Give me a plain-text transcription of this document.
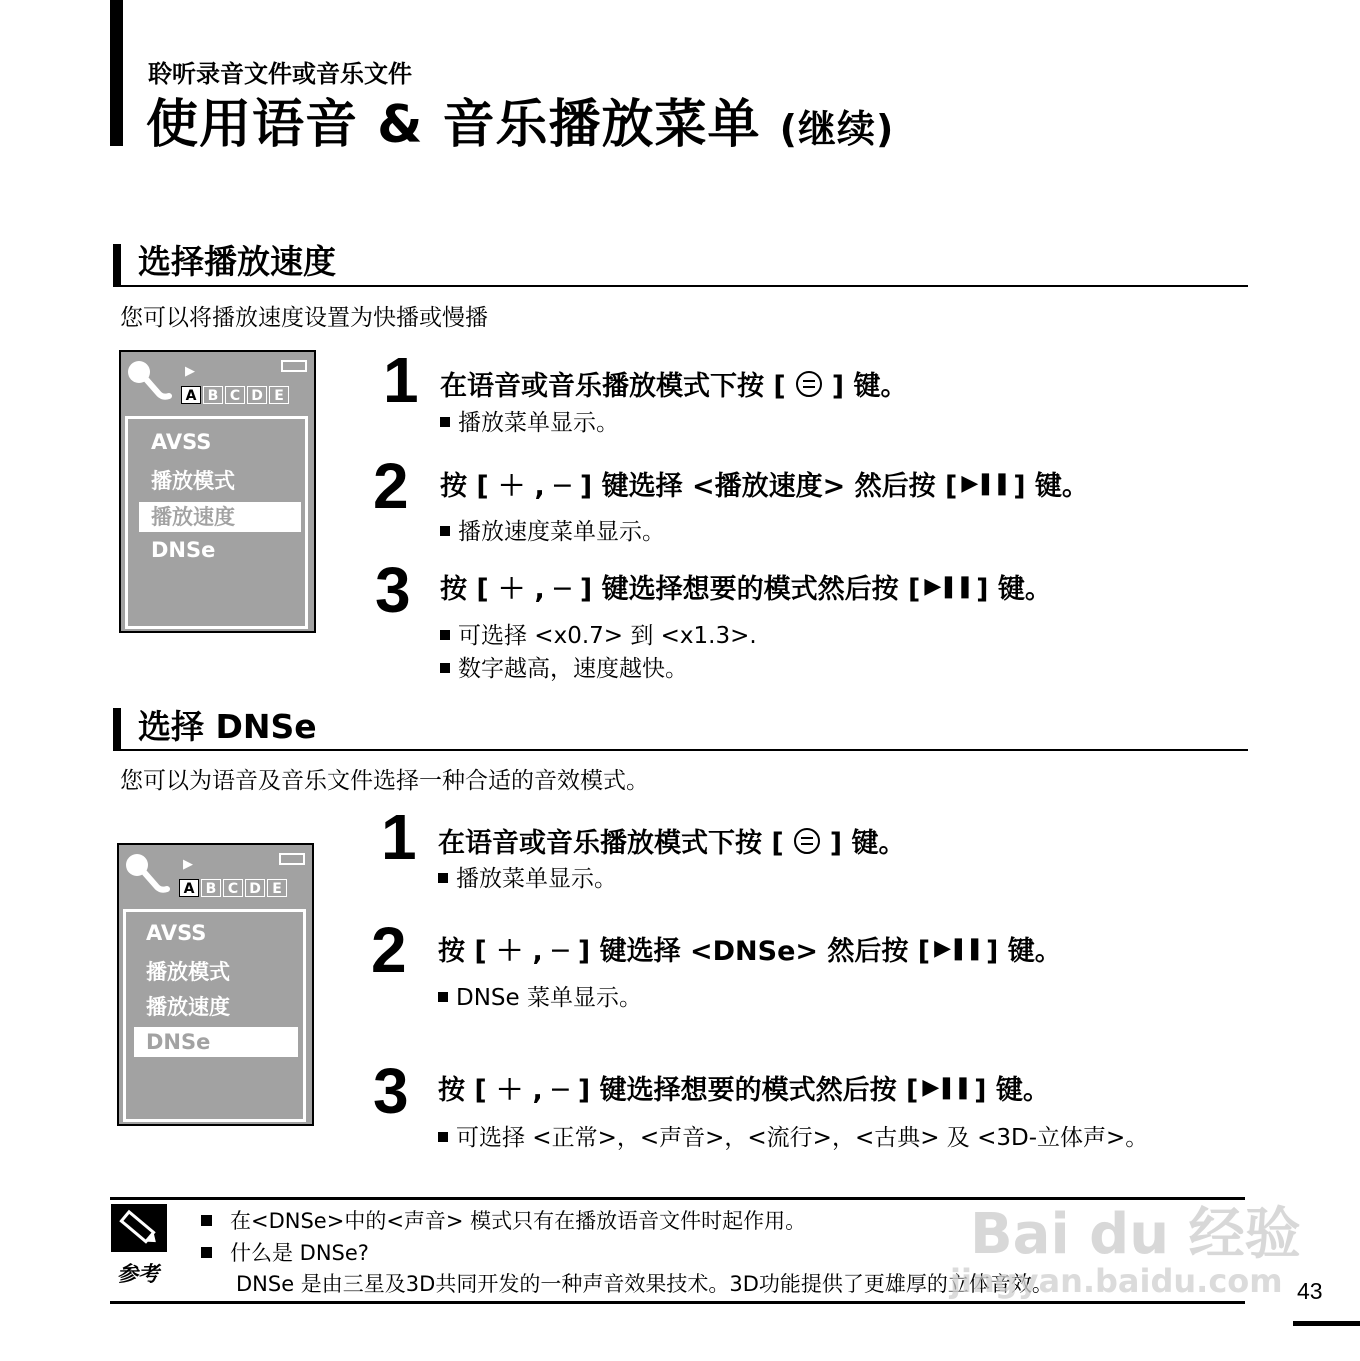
聆听录音文件或音乐文件
使用语音 & 音乐播放菜单 (继续)
选择播放速度
您可以将播放速度设置为快播或慢播
▶
A B C D E
AVSS
播放模式
播放速度
DNSe
1 在语音或音乐播放模式下按 [ ] 键。
播放菜单显示。
2 按 [ ＋ , ─ ] 键选择 <播放速度> 然后按 [ ▶❚❚ ] 键。
播放速度菜单显示。
3 按 [ ＋ , ─ ] 键选择想要的模式然后按 [ ▶❚❚ ] 键。
可选择 <x0.7> 到 <x1.3>.
数字越高，速度越快。
选择 DNSe
您可以为语音及音乐文件选择一种合适的音效模式。
▶
A B C D E
AVSS
播放模式
播放速度
DNSe
1 在语音或音乐播放模式下按 [ ] 键。
播放菜单显示。
2 按 [ ＋ , ─ ] 键选择 <DNSe> 然后按 [ ▶❚❚ ] 键。
DNSe 菜单显示。
3 按 [ ＋ , ─ ] 键选择想要的模式然后按 [ ▶❚❚ ] 键。
可选择 <正常>，<声音>，<流行>，<古典> 及 <3D-立体声>。
参考
在<DNSe>中的<声音> 模式只有在播放语音文件时起作用。
什么是 DNSe?
DNSe 是由三星及3D共同开发的一种声音效果技术。3D功能提供了更雄厚的立体音效。
Bai du 经验
jingyan.baidu.com 43
